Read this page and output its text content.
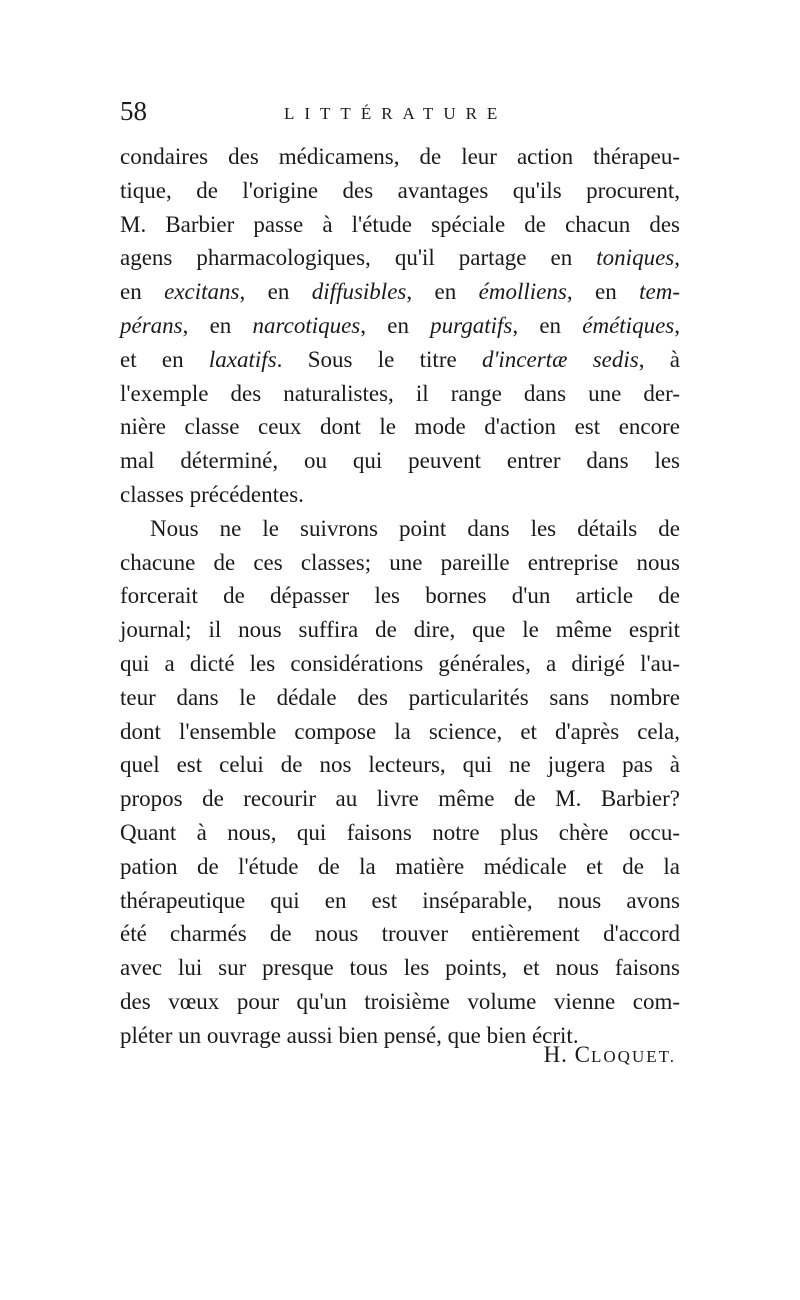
58	LITTÉRATURE
condaires des médicamens, de leur action thérapeu-
tique, de l'origine des avantages qu'ils procurent,
M. Barbier passe à l'étude spéciale de chacun des
agens pharmacologiques, qu'il partage en toniques,
en excitans, en diffusibles, en émolliens, en tem-
pérans, en narcotiques, en purgatifs, en émétiques,
et en laxatifs. Sous le titre d'incertæ sedis, à
l'exemple des naturalistes, il range dans une der-
nière classe ceux dont le mode d'action est encore
mal déterminé, ou qui peuvent entrer dans les
classes précédentes.
Nous ne le suivrons point dans les détails de
chacune de ces classes; une pareille entreprise nous
forcerait de dépasser les bornes d'un article de
journal; il nous suffira de dire, que le même esprit
qui a dicté les considérations générales, a dirigé l'au-
teur dans le dédale des particularités sans nombre
dont l'ensemble compose la science, et d'après cela,
quel est celui de nos lecteurs, qui ne jugera pas à
propos de recourir au livre même de M. Barbier?
Quant à nous, qui faisons notre plus chère occu-
pation de l'étude de la matière médicale et de la
thérapeutique qui en est inséparable, nous avons
été charmés de nous trouver entièrement d'accord
avec lui sur presque tous les points, et nous faisons
des vœux pour qu'un troisième volume vienne com-
pléter un ouvrage aussi bien pensé, que bien écrit.
H. CLOQUET.
